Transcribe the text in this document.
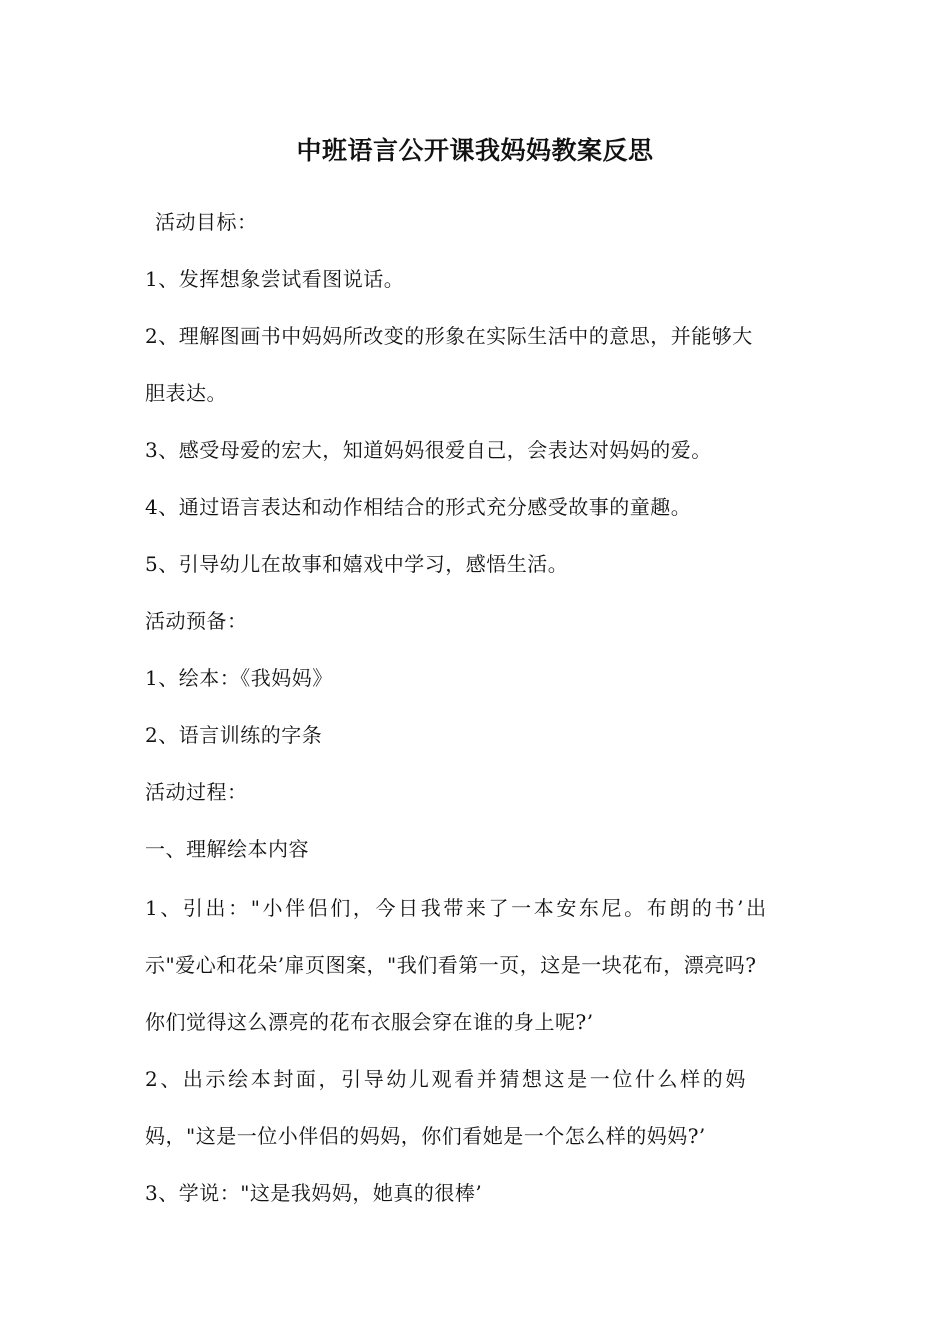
中班语言公开课我妈妈教案反思
活动目标：
1、发挥想象尝试看图说话。
2、理解图画书中妈妈所改变的形象在实际生活中的意思，并能够大
胆表达。
3、感受母爱的宏大，知道妈妈很爱自己，会表达对妈妈的爱。
4、通过语言表达和动作相结合的形式充分感受故事的童趣。
5、引导幼儿在故事和嬉戏中学习，感悟生活。
活动预备：
1、绘本：《我妈妈》
2、语言训练的字条
活动过程：
一、理解绘本内容
1、引出："小伴侣们，今日我带来了一本安东尼。布朗的书’出
示"爱心和花朵’扉页图案，"我们看第一页，这是一块花布，漂亮吗?
你们觉得这么漂亮的花布衣服会穿在谁的身上呢?’
2、出示绘本封面，引导幼儿观看并猜想这是一位什么样的妈
妈，"这是一位小伴侣的妈妈，你们看她是一个怎么样的妈妈?’
3、学说："这是我妈妈，她真的很棒’
